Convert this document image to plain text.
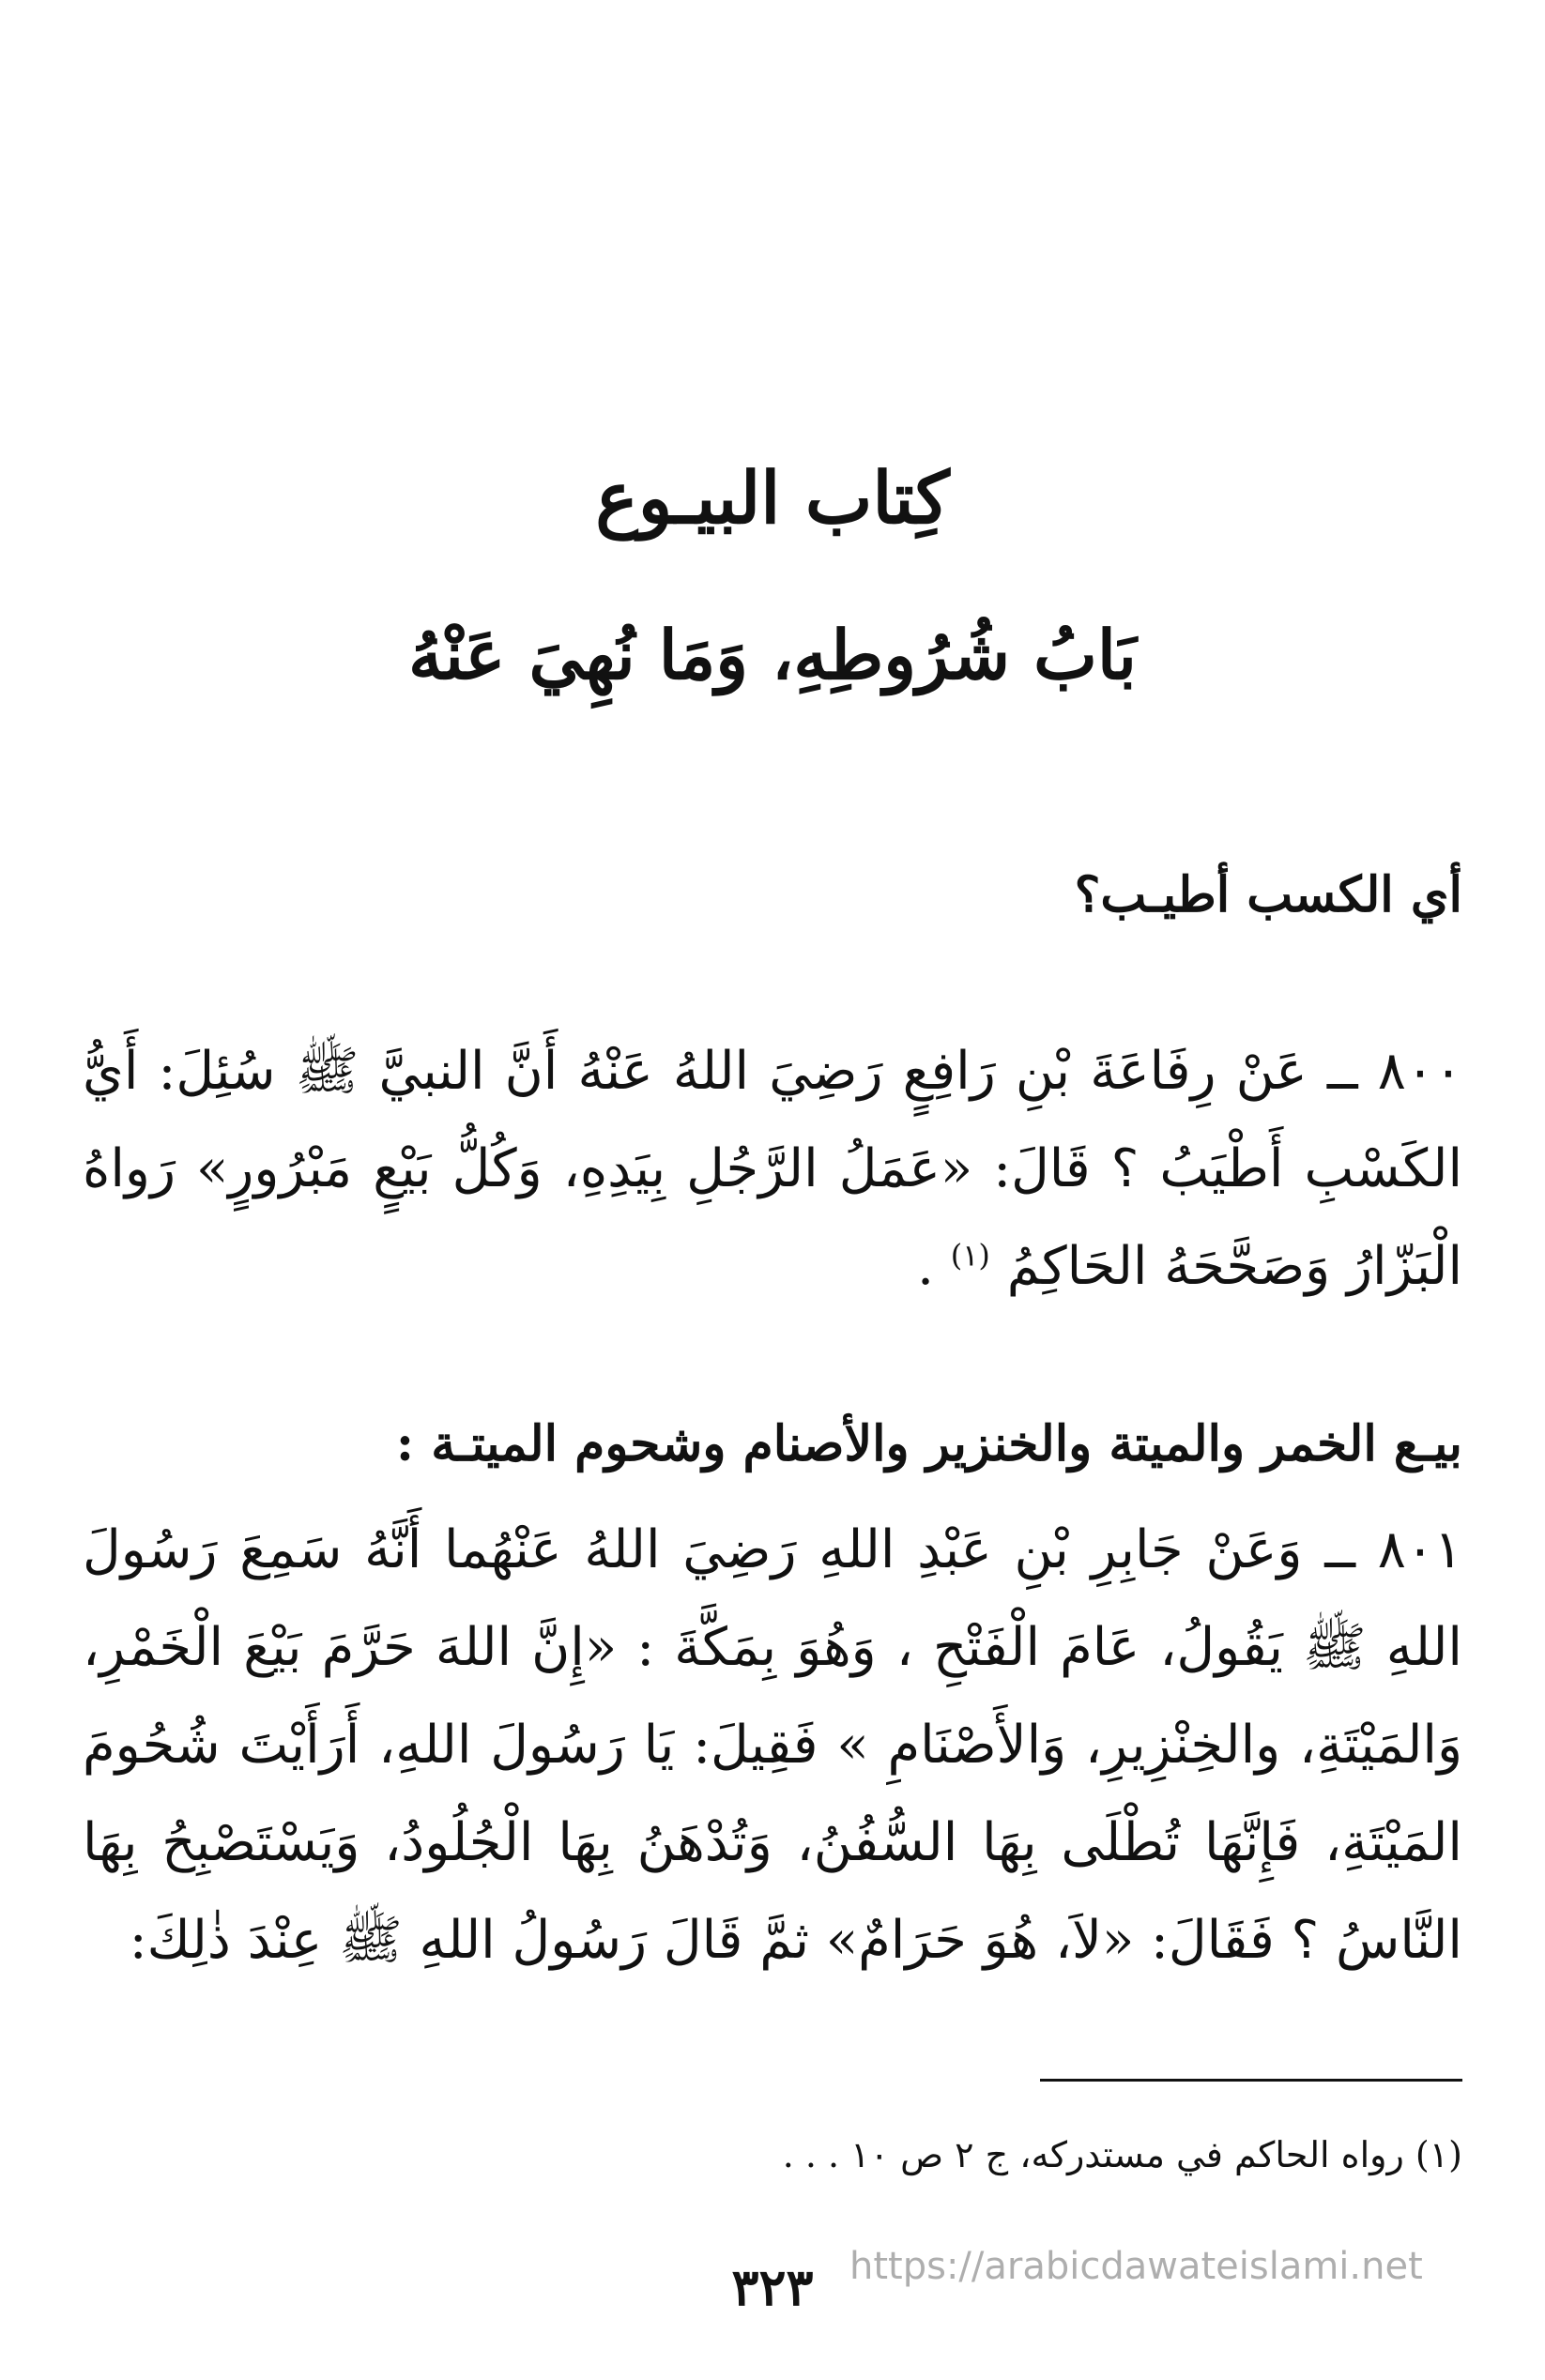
كِتاب البيـوع
بَابُ شُرُوطِهِ، وَمَا نُهِيَ عَنْهُ
أي الكسب أطيـب؟
٨٠٠ ــ عَنْ رِفَاعَةَ بْنِ رَافِعٍ رَضِيَ اللهُ عَنْهُ أَنَّ النبيَّ ﷺ سُئِلَ: أَيُّ الكَسْبِ أَطْيَبُ ؟ قَالَ: «عَمَلُ الرَّجُلِ بِيَدِهِ، وَكُلُّ بَيْعٍ مَبْرُورٍ» رَواهُ الْبَزّارُ وَصَحَّحَهُ الحَاكِمُ $^{(١)}$ .
بيـع الخمر والميتة والخنزير والأصنام وشحوم الميتـة :
٨٠١ ــ وَعَنْ جَابِرِ بْنِ عَبْدِ اللهِ رَضِيَ اللهُ عَنْهُما أَنَّهُ سَمِعَ رَسُولَ اللهِ ﷺ يَقُولُ، عَامَ الْفَتْحِ ، وَهُوَ بِمَكَّةَ : «إِنَّ اللهَ حَرَّمَ بَيْعَ الْخَمْرِ، وَالمَيْتَةِ، والخِنْزِيرِ، وَالأَصْنَامِ » فَقِيلَ: يَا رَسُولَ اللهِ، أَرَأَيْتَ شُحُومَ المَيْتَةِ، فَإِنَّهَا تُطْلَى بِهَا السُّفُنُ، وَتُدْهَنُ بِهَا الْجُلُودُ، وَيَسْتَصْبِحُ بِهَا النَّاسُ ؟ فَقَالَ: «لاَ، هُوَ حَرَامٌ» ثمَّ قَالَ رَسُولُ اللهِ ﷺ عِنْدَ ذٰلِكَ:
(١) رواه الحاكم في مستدركه، ج ٢ ص ١٠ . . .
٣٢٣ https://arabicdawateislami.net
